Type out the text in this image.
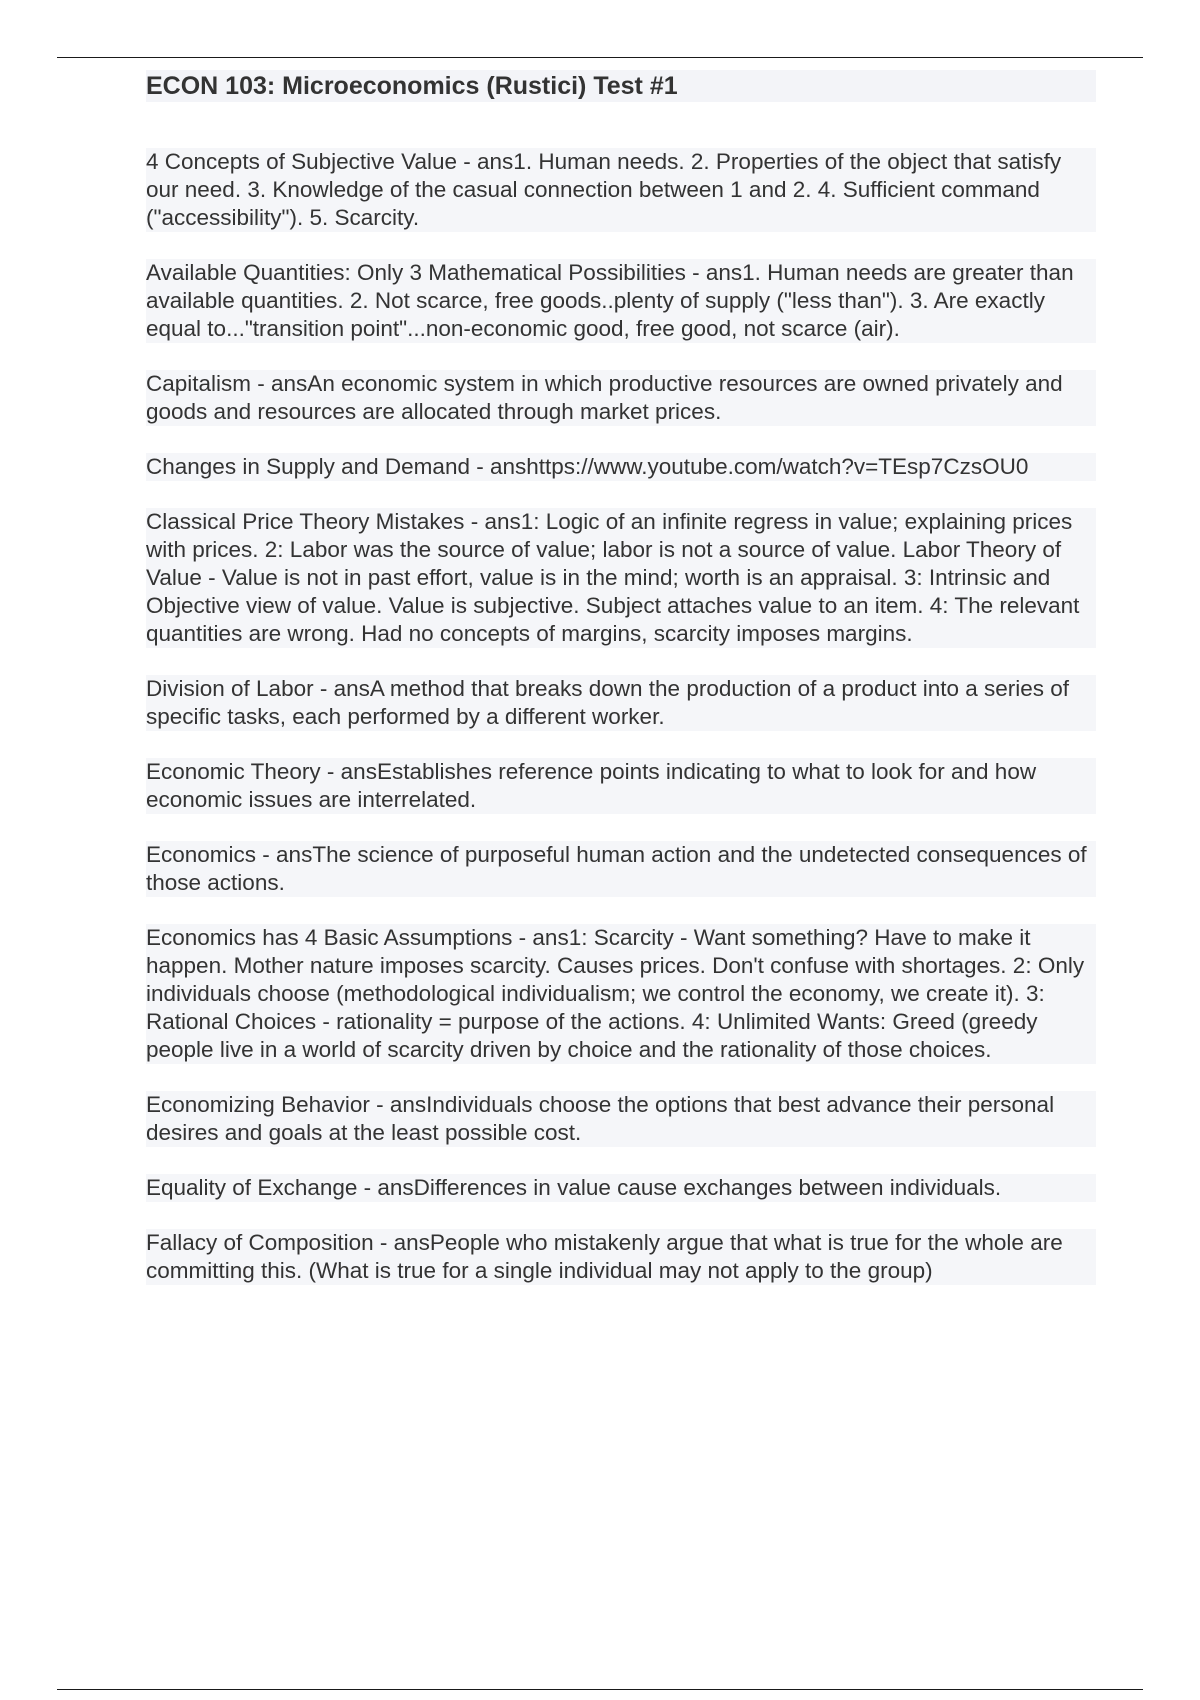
ECON 103: Microeconomics (Rustici) Test #1
4 Concepts of Subjective Value - ans1. Human needs. 2. Properties of the object that satisfy our need. 3. Knowledge of the casual connection between 1 and 2. 4. Sufficient command ("accessibility"). 5. Scarcity.
Available Quantities: Only 3 Mathematical Possibilities - ans1. Human needs are greater than available quantities. 2. Not scarce, free goods..plenty of supply ("less than"). 3. Are exactly equal to..."transition point"...non-economic good, free good, not scarce (air).
Capitalism - ansAn economic system in which productive resources are owned privately and goods and resources are allocated through market prices.
Changes in Supply and Demand - anshttps://www.youtube.com/watch?v=TEsp7CzsOU0
Classical Price Theory Mistakes - ans1: Logic of an infinite regress in value; explaining prices with prices. 2: Labor was the source of value; labor is not a source of value. Labor Theory of Value - Value is not in past effort, value is in the mind; worth is an appraisal. 3: Intrinsic and Objective view of value. Value is subjective. Subject attaches value to an item. 4: The relevant quantities are wrong. Had no concepts of margins, scarcity imposes margins.
Division of Labor - ansA method that breaks down the production of a product into a series of specific tasks, each performed by a different worker.
Economic Theory - ansEstablishes reference points indicating to what to look for and how economic issues are interrelated.
Economics - ansThe science of purposeful human action and the undetected consequences of those actions.
Economics has 4 Basic Assumptions - ans1: Scarcity - Want something? Have to make it happen. Mother nature imposes scarcity. Causes prices. Don't confuse with shortages. 2: Only individuals choose (methodological individualism; we control the economy, we create it). 3: Rational Choices - rationality = purpose of the actions. 4: Unlimited Wants: Greed (greedy people live in a world of scarcity driven by choice and the rationality of those choices.
Economizing Behavior - ansIndividuals choose the options that best advance their personal desires and goals at the least possible cost.
Equality of Exchange - ansDifferences in value cause exchanges between individuals.
Fallacy of Composition - ansPeople who mistakenly argue that what is true for the whole are committing this. (What is true for a single individual may not apply to the group)
